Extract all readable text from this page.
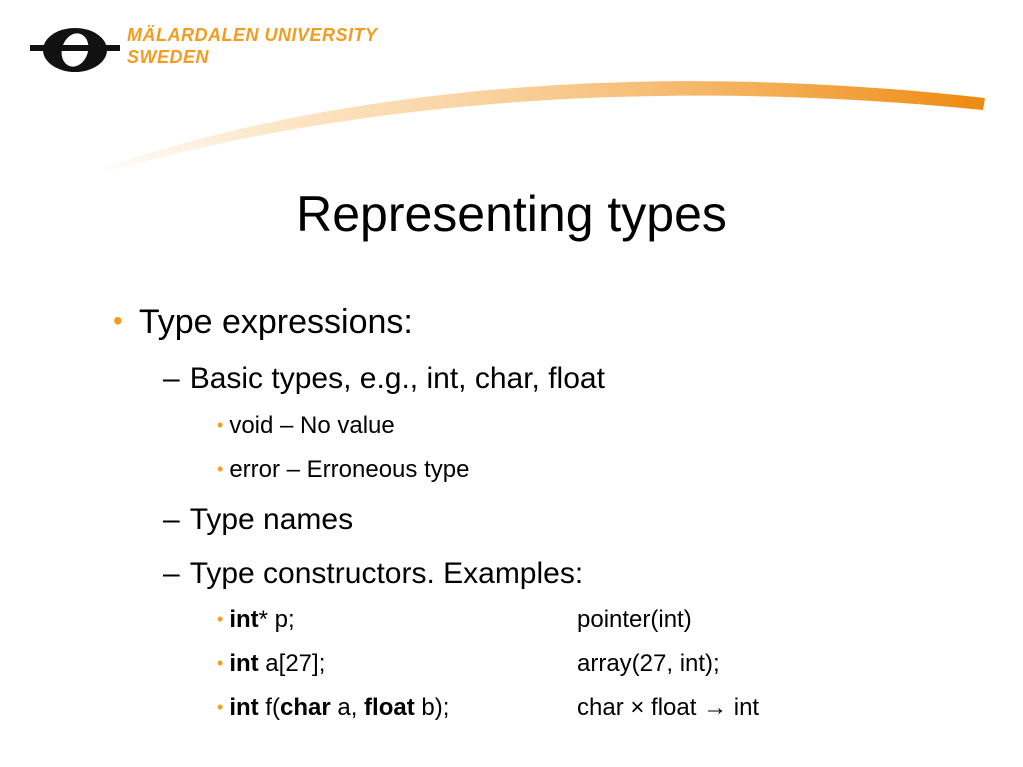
MÄLARDALEN UNIVERSITY
SWEDEN
Representing types
• Type expressions:
– Basic types, e.g., int, char, float
• void – No value
• error – Erroneous type
– Type names
– Type constructors. Examples:
• int* p;	pointer(int)
• int a[27];	array(27, int);
• int f(char a, float b);	char × float → int
